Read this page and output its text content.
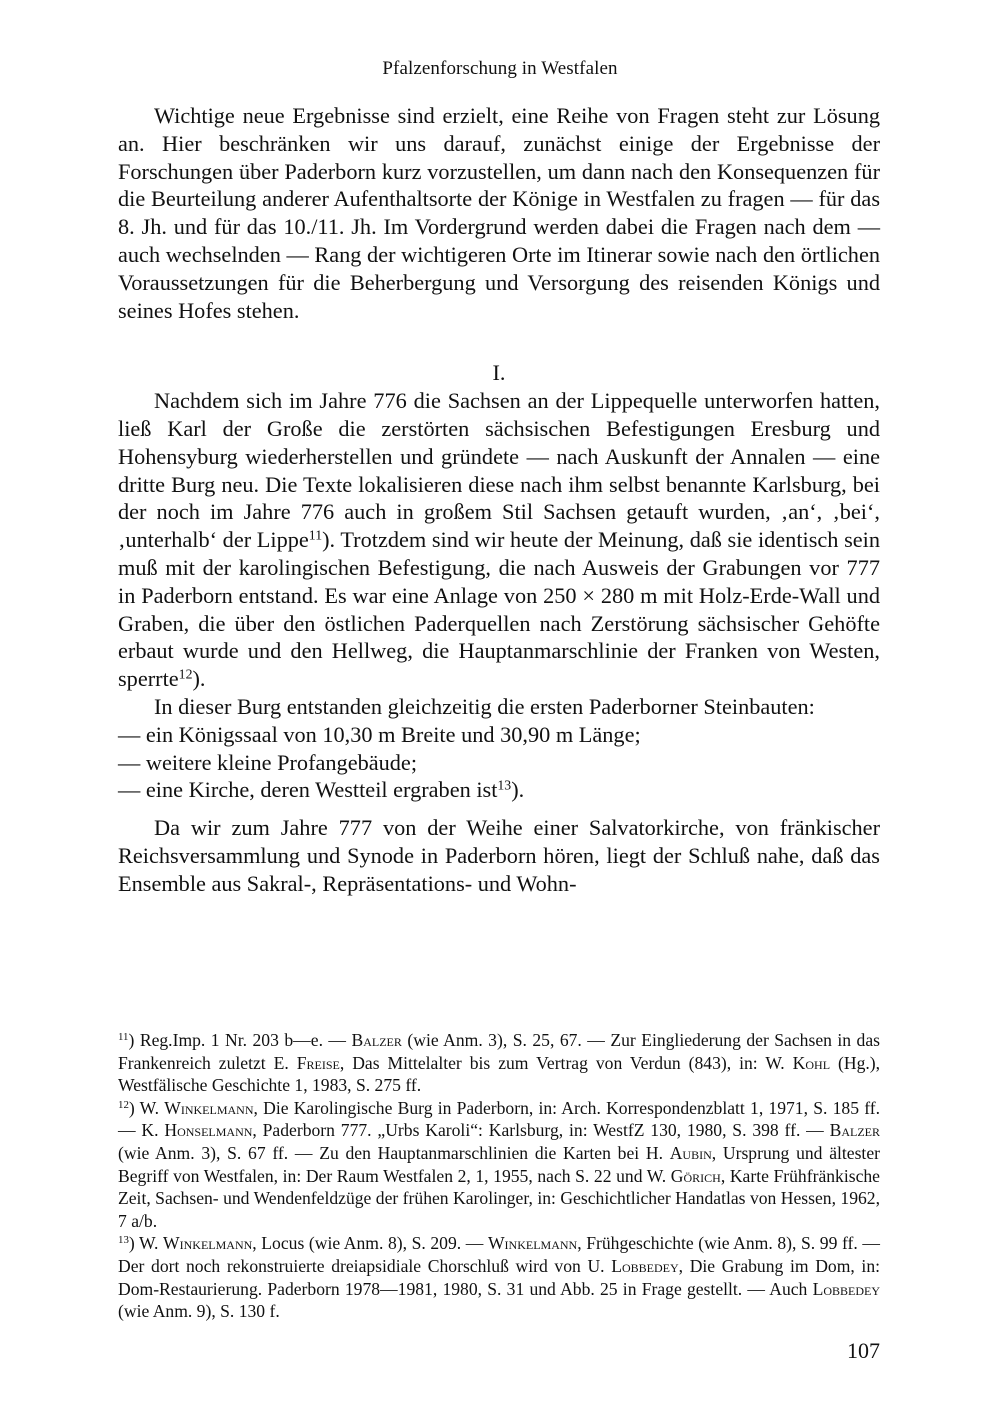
Pfalzenforschung in Westfalen

Wichtige neue Ergebnisse sind erzielt, eine Reihe von Fragen steht zur Lösung an. Hier beschränken wir uns darauf, zunächst einige der Ergebnisse der Forschungen über Paderborn kurz vorzustellen, um dann nach den Konsequenzen für die Beurteilung anderer Aufenthaltsorte der Könige in Westfalen zu fragen — für das 8. Jh. und für das 10./11. Jh. Im Vordergrund werden dabei die Fragen nach dem — auch wechselnden — Rang der wichtigeren Orte im Itinerar sowie nach den örtlichen Voraussetzungen für die Beherbergung und Versorgung des reisenden Königs und seines Hofes stehen.

I.

Nachdem sich im Jahre 776 die Sachsen an der Lippequelle unterworfen hatten, ließ Karl der Große die zerstörten sächsischen Befestigungen Eresburg und Hohensyburg wiederherstellen und gründete — nach Auskunft der Annalen — eine dritte Burg neu. Die Texte lokalisieren diese nach ihm selbst benannte Karlsburg, bei der noch im Jahre 776 auch in großem Stil Sachsen getauft wurden, ‚an‘, ‚bei‘, ‚unterhalb‘ der Lippe$^{11}$). Trotzdem sind wir heute der Meinung, daß sie identisch sein muß mit der karolingischen Befestigung, die nach Ausweis der Grabungen vor 777 in Paderborn entstand. Es war eine Anlage von 250 × 280 m mit Holz-Erde-Wall und Graben, die über den östlichen Paderquellen nach Zerstörung sächsischer Gehöfte erbaut wurde und den Hellweg, die Hauptanmarschlinie der Franken von Westen, sperrte$^{12}$).

In dieser Burg entstanden gleichzeitig die ersten Paderborner Steinbauten:

— ein Königssaal von 10,30 m Breite und 30,90 m Länge;
— weitere kleine Profangebäude;
— eine Kirche, deren Westteil ergraben ist$^{13}$).

Da wir zum Jahre 777 von der Weihe einer Salvatorkirche, von fränkischer Reichsversammlung und Synode in Paderborn hören, liegt der Schluß nahe, daß das Ensemble aus Sakral-, Repräsentations- und Wohn-

$^{11}$) Reg.Imp. 1 Nr. 203 b—e. — Balzer (wie Anm. 3), S. 25, 67. — Zur Eingliederung der Sachsen in das Frankenreich zuletzt E. Freise, Das Mittelalter bis zum Vertrag von Verdun (843), in: W. Kohl (Hg.), Westfälische Geschichte 1, 1983, S. 275 ff.

$^{12}$) W. Winkelmann, Die Karolingische Burg in Paderborn, in: Arch. Korrespondenzblatt 1, 1971, S. 185 ff. — K. Honselmann, Paderborn 777. „Urbs Karoli“: Karlsburg, in: WestfZ 130, 1980, S. 398 ff. — Balzer (wie Anm. 3), S. 67 ff. — Zu den Hauptanmarschlinien die Karten bei H. Aubin, Ursprung und ältester Begriff von Westfalen, in: Der Raum Westfalen 2, 1, 1955, nach S. 22 und W. Görich, Karte Frühfränkische Zeit, Sachsen- und Wendenfeldzüge der frühen Karolinger, in: Geschichtlicher Handatlas von Hessen, 1962, 7 a/b.

$^{13}$) W. Winkelmann, Locus (wie Anm. 8), S. 209. — Winkelmann, Frühgeschichte (wie Anm. 8), S. 99 ff. — Der dort noch rekonstruierte dreiapsidiale Chorschluß wird von U. Lobbedey, Die Grabung im Dom, in: Dom-Restaurierung. Paderborn 1978—1981, 1980, S. 31 und Abb. 25 in Frage gestellt. — Auch Lobbedey (wie Anm. 9), S. 130 f.

107
